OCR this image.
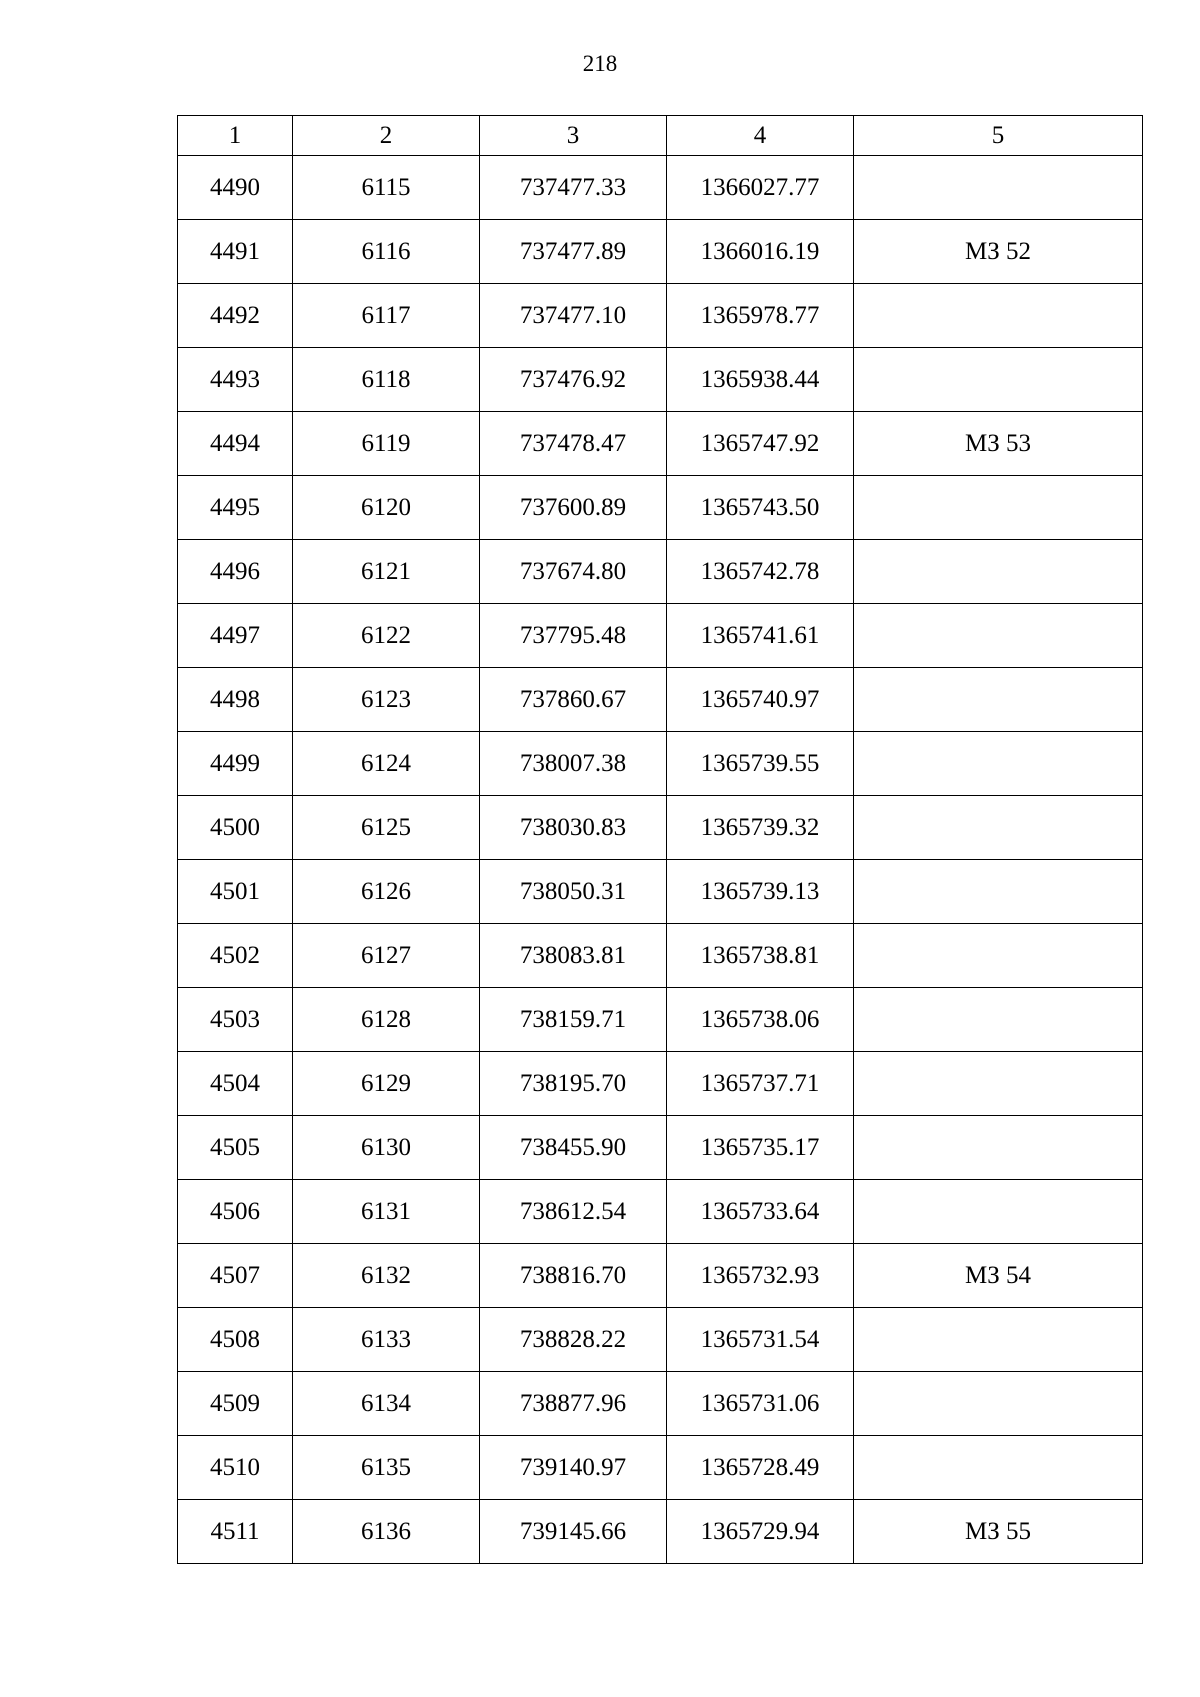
218
1	2	3	4	5
4490	6115	737477.33	1366027.77	
4491	6116	737477.89	1366016.19	МЗ 52
4492	6117	737477.10	1365978.77	
4493	6118	737476.92	1365938.44	
4494	6119	737478.47	1365747.92	МЗ 53
4495	6120	737600.89	1365743.50	
4496	6121	737674.80	1365742.78	
4497	6122	737795.48	1365741.61	
4498	6123	737860.67	1365740.97	
4499	6124	738007.38	1365739.55	
4500	6125	738030.83	1365739.32	
4501	6126	738050.31	1365739.13	
4502	6127	738083.81	1365738.81	
4503	6128	738159.71	1365738.06	
4504	6129	738195.70	1365737.71	
4505	6130	738455.90	1365735.17	
4506	6131	738612.54	1365733.64	
4507	6132	738816.70	1365732.93	МЗ 54
4508	6133	738828.22	1365731.54	
4509	6134	738877.96	1365731.06	
4510	6135	739140.97	1365728.49	
4511	6136	739145.66	1365729.94	МЗ 55
